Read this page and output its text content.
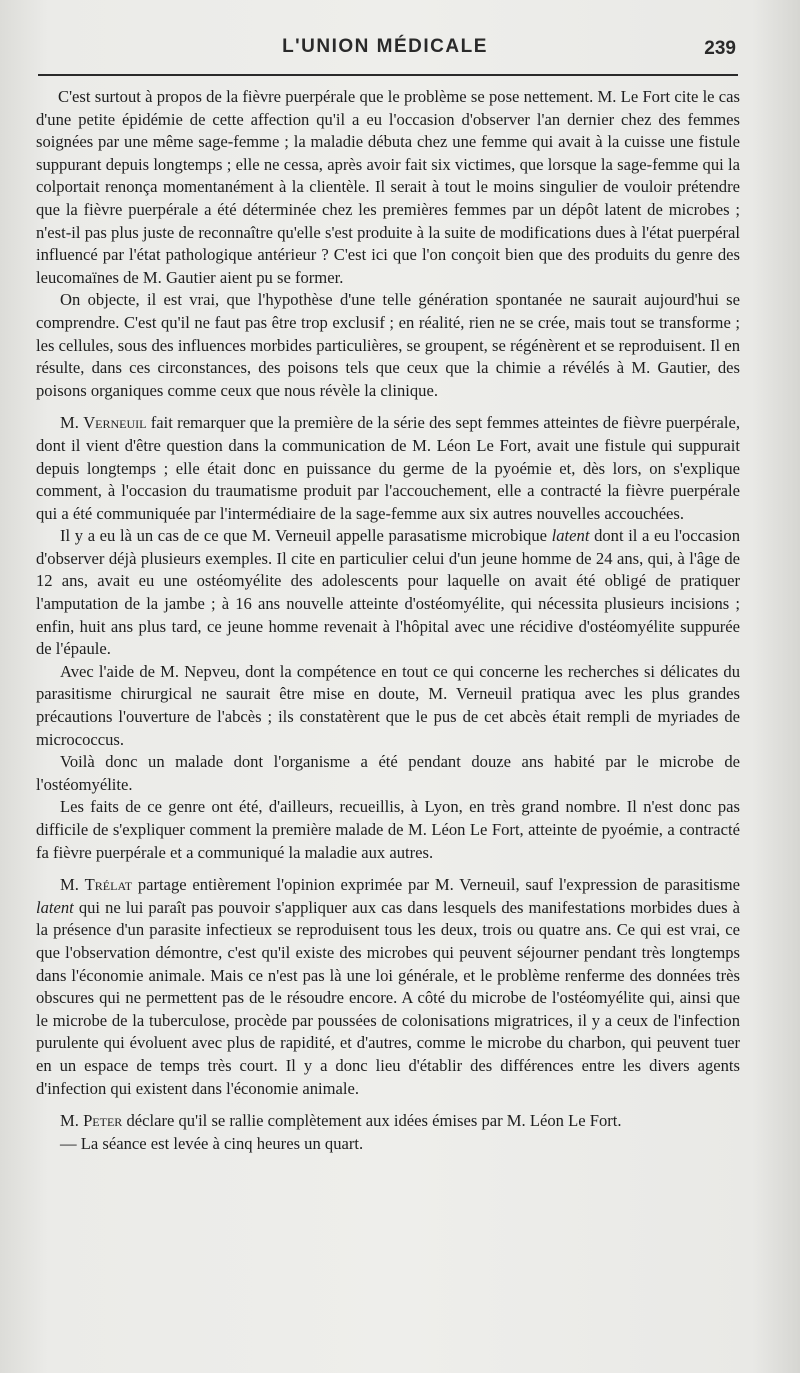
L'UNION MÉDICALE	239

C'est surtout à propos de la fièvre puerpérale que le problème se pose nettement. M. Le Fort cite le cas d'une petite épidémie de cette affection qu'il a eu l'occasion d'observer l'an dernier chez des femmes soignées par une même sage-femme ; la maladie débuta chez une femme qui avait à la cuisse une fistule suppurant depuis longtemps ; elle ne cessa, après avoir fait six victimes, que lorsque la sage-femme qui la colportait renonça momentanément à la clientèle. Il serait à tout le moins singulier de vouloir prétendre que la fièvre puerpérale a été déterminée chez les premières femmes par un dépôt latent de microbes ; n'est-il pas plus juste de reconnaître qu'elle s'est produite à la suite de modifications dues à l'état puerpéral influencé par l'état pathologique antérieur ? C'est ici que l'on conçoit bien que des produits du genre des leucomaïnes de M. Gautier aient pu se former.

On objecte, il est vrai, que l'hypothèse d'une telle génération spontanée ne saurait aujourd'hui se comprendre. C'est qu'il ne faut pas être trop exclusif ; en réalité, rien ne se crée, mais tout se transforme ; les cellules, sous des influences morbides particulières, se groupent, se régénèrent et se reproduisent. Il en résulte, dans ces circonstances, des poisons tels que ceux que la chimie a révélés à M. Gautier, des poisons organiques comme ceux que nous révèle la clinique.

M. Verneuil fait remarquer que la première de la série des sept femmes atteintes de fièvre puerpérale, dont il vient d'être question dans la communication de M. Léon Le Fort, avait une fistule qui suppurait depuis longtemps ; elle était donc en puissance du germe de la pyoémie et, dès lors, on s'explique comment, à l'occasion du traumatisme produit par l'accouchement, elle a contracté la fièvre puerpérale qui a été communiquée par l'intermédiaire de la sage-femme aux six autres nouvelles accouchées.

Il y a eu là un cas de ce que M. Verneuil appelle parasatisme microbique latent dont il a eu l'occasion d'observer déjà plusieurs exemples. Il cite en particulier celui d'un jeune homme de 24 ans, qui, à l'âge de 12 ans, avait eu une ostéomyélite des adolescents pour laquelle on avait été obligé de pratiquer l'amputation de la jambe ; à 16 ans nouvelle atteinte d'ostéomyélite, qui nécessita plusieurs incisions ; enfin, huit ans plus tard, ce jeune homme revenait à l'hôpital avec une récidive d'ostéomyélite suppurée de l'épaule.

Avec l'aide de M. Nepveu, dont la compétence en tout ce qui concerne les recherches si délicates du parasitisme chirurgical ne saurait être mise en doute, M. Verneuil pratiqua avec les plus grandes précautions l'ouverture de l'abcès ; ils constatèrent que le pus de cet abcès était rempli de myriades de micrococcus.

Voilà donc un malade dont l'organisme a été pendant douze ans habité par le microbe de l'ostéomyélite.

Les faits de ce genre ont été, d'ailleurs, recueillis, à Lyon, en très grand nombre. Il n'est donc pas difficile de s'expliquer comment la première malade de M. Léon Le Fort, atteinte de pyoémie, a contracté fa fièvre puerpérale et a communiqué la maladie aux autres.

M. Trélat partage entièrement l'opinion exprimée par M. Verneuil, sauf l'expression de parasitisme latent qui ne lui paraît pas pouvoir s'appliquer aux cas dans lesquels des manifestations morbides dues à la présence d'un parasite infectieux se reproduisent tous les deux, trois ou quatre ans. Ce qui est vrai, ce que l'observation démontre, c'est qu'il existe des microbes qui peuvent séjourner pendant très longtemps dans l'économie animale. Mais ce n'est pas là une loi générale, et le problème renferme des données très obscures qui ne permettent pas de le résoudre encore. A côté du microbe de l'ostéomyélite qui, ainsi que le microbe de la tuberculose, procède par poussées de colonisations migratrices, il y a ceux de l'infection purulente qui évoluent avec plus de rapidité, et d'autres, comme le microbe du charbon, qui peuvent tuer en un espace de temps très court. Il y a donc lieu d'établir des différences entre les divers agents d'infection qui existent dans l'économie animale.

M. Peter déclare qu'il se rallie complètement aux idées émises par M. Léon Le Fort.

— La séance est levée à cinq heures un quart.
